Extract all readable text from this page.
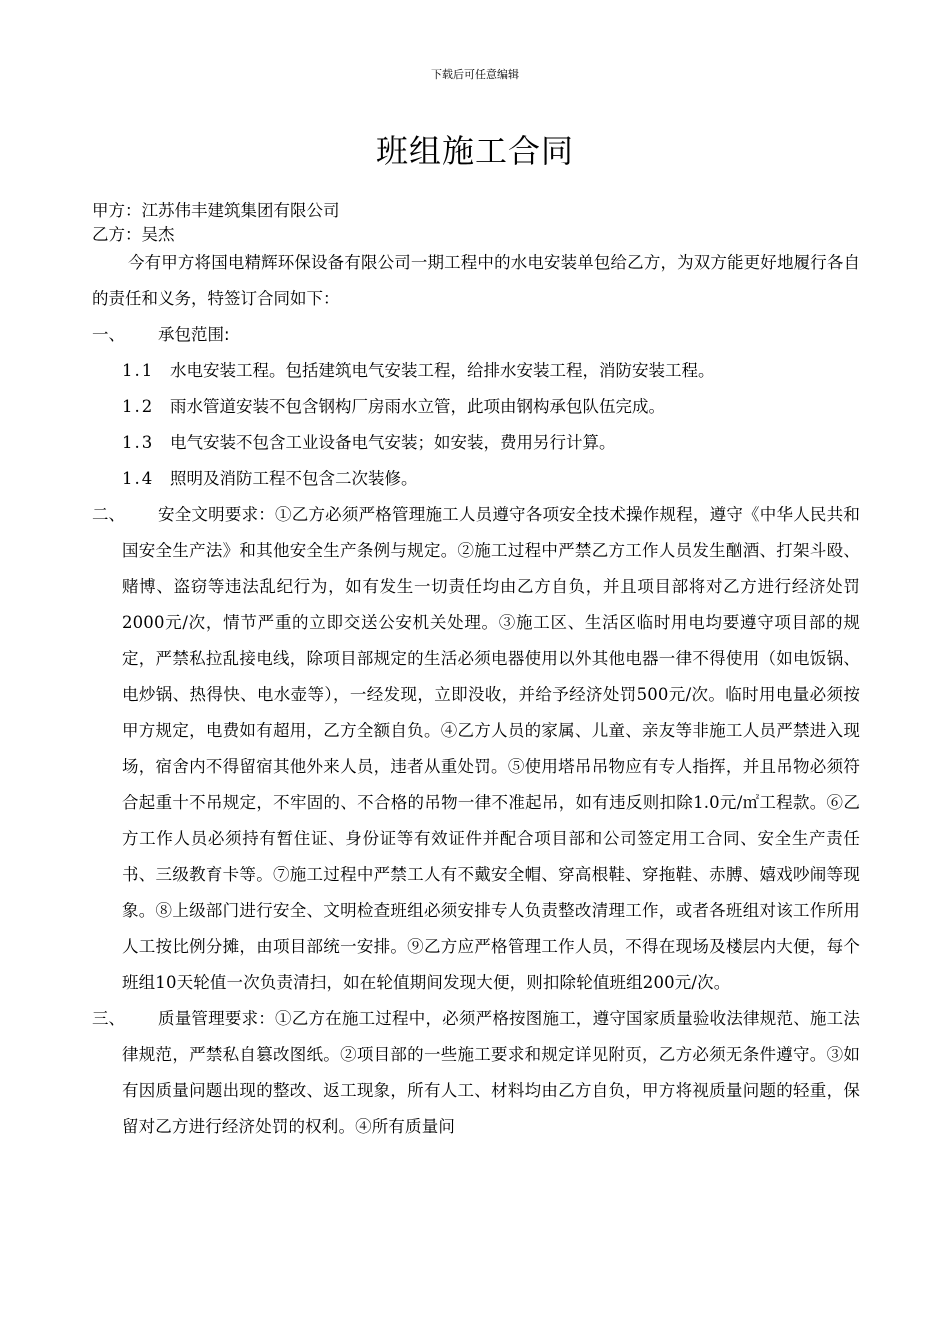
下载后可任意编辑
班组施工合同
甲方：江苏伟丰建筑集团有限公司
乙方：吴杰

今有甲方将国电精辉环保设备有限公司一期工程中的水电安装单包给乙方，为双方能更好地履行各自的责任和义务，特签订合同如下：

一、	承包范围:
1.1 水电安装工程。包括建筑电气安装工程，给排水安装工程，消防安装工程。
1.2 雨水管道安装不包含钢构厂房雨水立管，此项由钢构承包队伍完成。
1.3 电气安装不包含工业设备电气安装；如安装，费用另行计算。
1.4 照明及消防工程不包含二次装修。
二、	安全文明要求：①乙方必须严格管理施工人员遵守各项安全技术操作规程，遵守《中华人民共和国安全生产法》和其他安全生产条例与规定。②施工过程中严禁乙方工作人员发生酗酒、打架斗殴、赌博、盗窃等违法乱纪行为，如有发生一切责任均由乙方自负，并且项目部将对乙方进行经济处罚2000元/次，情节严重的立即交送公安机关处理。③施工区、生活区临时用电均要遵守项目部的规定，严禁私拉乱接电线，除项目部规定的生活必须电器使用以外其他电器一律不得使用（如电饭锅、电炒锅、热得快、电水壶等），一经发现，立即没收，并给予经济处罚500元/次。临时用电量必须按甲方规定，电费如有超用，乙方全额自负。④乙方人员的家属、儿童、亲友等非施工人员严禁进入现场，宿舍内不得留宿其他外来人员，违者从重处罚。⑤使用塔吊吊物应有专人指挥，并且吊物必须符合起重十不吊规定，不牢固的、不合格的吊物一律不准起吊，如有违反则扣除1.0元/㎡工程款。⑥乙方工作人员必须持有暂住证、身份证等有效证件并配合项目部和公司签定用工合同、安全生产责任书、三级教育卡等。⑦施工过程中严禁工人有不戴安全帽、穿高根鞋、穿拖鞋、赤膊、嬉戏吵闹等现象。⑧上级部门进行安全、文明检查班组必须安排专人负责整改清理工作，或者各班组对该工作所用人工按比例分摊，由项目部统一安排。⑨乙方应严格管理工作人员，不得在现场及楼层内大便，每个班组10天轮值一次负责清扫，如在轮值期间发现大便，则扣除轮值班组200元/次。

三、	质量管理要求：①乙方在施工过程中，必须严格按图施工，遵守国家质量验收法律规范、施工法律规范，严禁私自篡改图纸。②项目部的一些施工要求和规定详见附页，乙方必须无条件遵守。③如有因质量问题出现的整改、返工现象，所有人工、材料均由乙方自负，甲方将视质量问题的轻重，保留对乙方进行经济处罚的权利。④所有质量问
